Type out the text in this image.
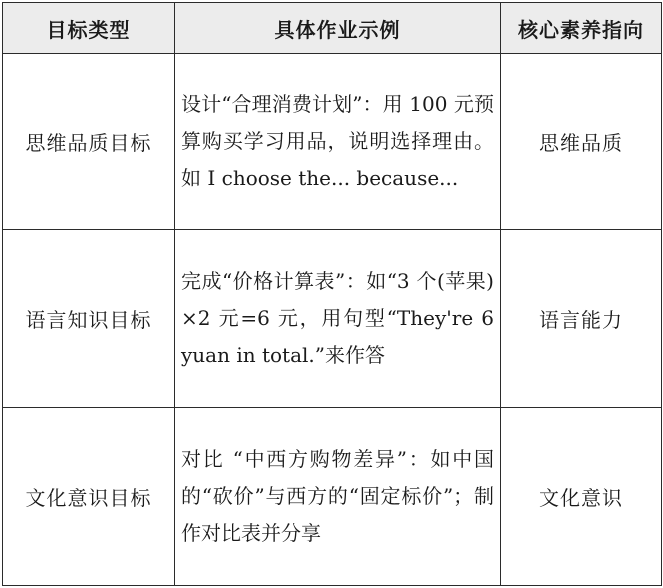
目标类型	具体作业示例	核心素养指向
思维品质目标	设计“合理消费计划”：用 100 元预算购买学习用品，说明选择理由。如 I choose the... because...	思维品质
语言知识目标	完成“价格计算表”：如“3 个(苹果)×2 元=6 元，用句型“They're 6 yuan in total.”来作答	语言能力
文化意识目标	对比 “中西方购物差异”：如中国的“砍价”与西方的“固定标价”；制作对比表并分享	文化意识
